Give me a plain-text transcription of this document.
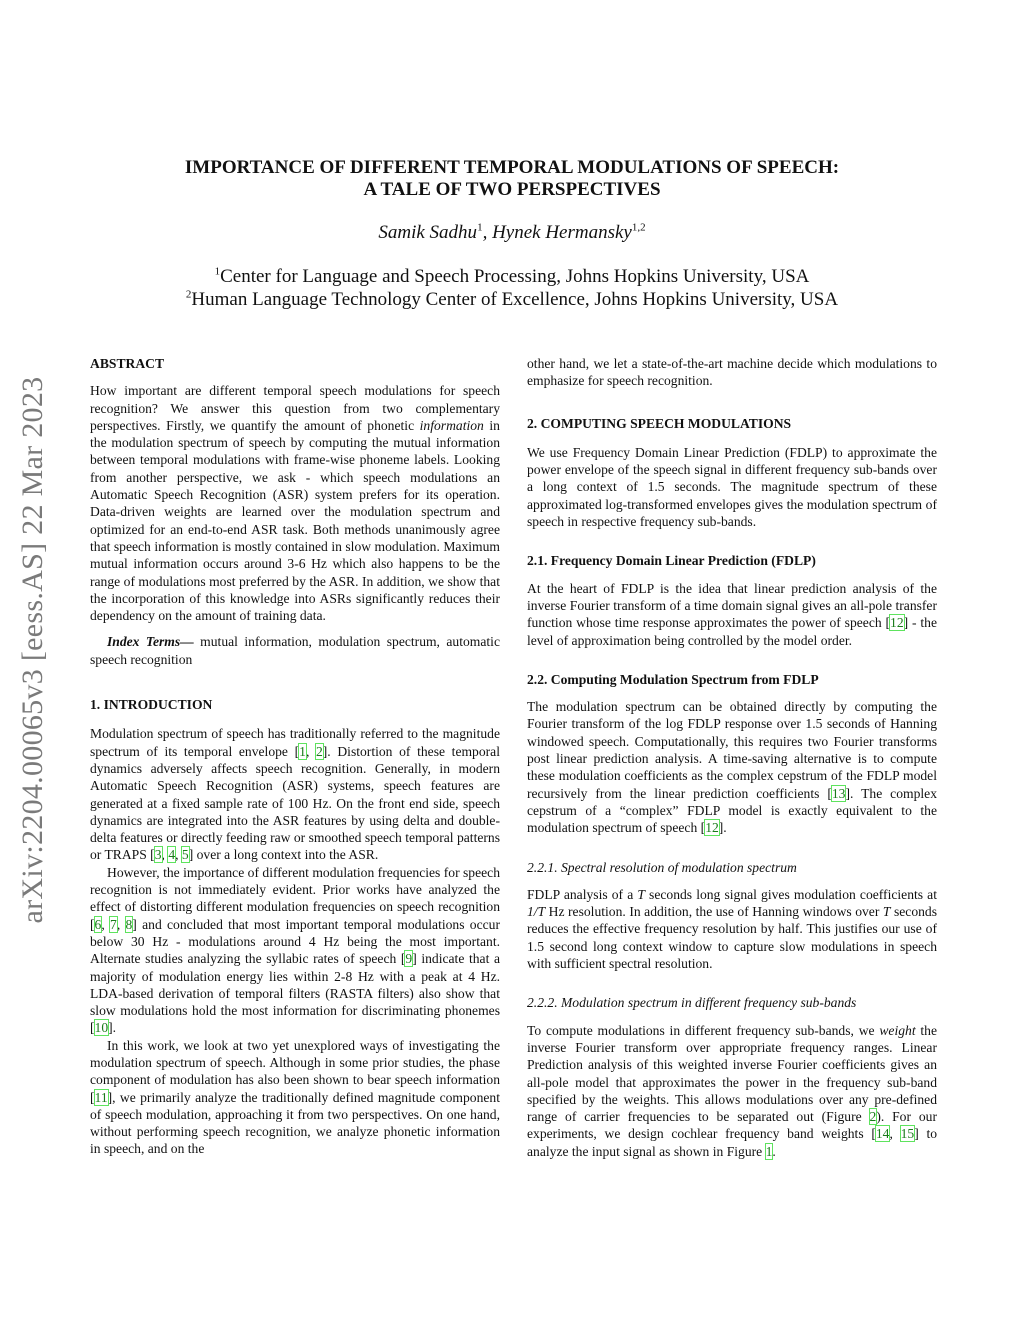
arXiv:2204.00065v3 [eess.AS] 22 Mar 2023
IMPORTANCE OF DIFFERENT TEMPORAL MODULATIONS OF SPEECH:
A TALE OF TWO PERSPECTIVES
Samik Sadhu$^1$, Hynek Hermansky$^{1,2}$
$^1$Center for Language and Speech Processing, Johns Hopkins University, USA
$^2$Human Language Technology Center of Excellence, Johns Hopkins University, USA

ABSTRACT

How important are different temporal speech modulations for speech recognition? We answer this question from two complementary perspectives. Firstly, we quantify the amount of phonetic information in the modulation spectrum of speech by computing the mutual information between temporal modulations with frame-wise phoneme labels. Looking from another perspective, we ask - which speech modulations an Automatic Speech Recognition (ASR) system prefers for its operation. Data-driven weights are learned over the modulation spectrum and optimized for an end-to-end ASR task. Both methods unanimously agree that speech information is mostly contained in slow modulation. Maximum mutual information occurs around 3-6 Hz which also happens to be the range of modulations most preferred by the ASR. In addition, we show that the incorporation of this knowledge into ASRs significantly reduces their dependency on the amount of training data.

Index Terms— mutual information, modulation spectrum, automatic speech recognition

1. INTRODUCTION

Modulation spectrum of speech has traditionally referred to the magnitude spectrum of its temporal envelope [1, 2]. Distortion of these temporal dynamics adversely affects speech recognition. Generally, in modern Automatic Speech Recognition (ASR) systems, speech features are generated at a fixed sample rate of 100 Hz. On the front end side, speech dynamics are integrated into the ASR features by using delta and double-delta features or directly feeding raw or smoothed speech temporal patterns or TRAPS [3, 4, 5] over a long context into the ASR.

However, the importance of different modulation frequencies for speech recognition is not immediately evident. Prior works have analyzed the effect of distorting different modulation frequencies on speech recognition [6, 7, 8] and concluded that most important temporal modulations occur below 30 Hz - modulations around 4 Hz being the most important. Alternate studies analyzing the syllabic rates of speech [9] indicate that a majority of modulation energy lies within 2-8 Hz with a peak at 4 Hz. LDA-based derivation of temporal filters (RASTA filters) also show that slow modulations hold the most information for discriminating phonemes [10].

In this work, we look at two yet unexplored ways of investigating the modulation spectrum of speech. Although in some prior studies, the phase component of modulation has also been shown to bear speech information [11], we primarily analyze the traditionally defined magnitude component of speech modulation, approaching it from two perspectives. On one hand, without performing speech recognition, we analyze phonetic information in speech, and on the

other hand, we let a state-of-the-art machine decide which modulations to emphasize for speech recognition.

2. COMPUTING SPEECH MODULATIONS

We use Frequency Domain Linear Prediction (FDLP) to approximate the power envelope of the speech signal in different frequency sub-bands over a long context of 1.5 seconds. The magnitude spectrum of these approximated log-transformed envelopes gives the modulation spectrum of speech in respective frequency sub-bands.

2.1. Frequency Domain Linear Prediction (FDLP)

At the heart of FDLP is the idea that linear prediction analysis of the inverse Fourier transform of a time domain signal gives an all-pole transfer function whose time response approximates the power of speech [12] - the level of approximation being controlled by the model order.

2.2. Computing Modulation Spectrum from FDLP

The modulation spectrum can be obtained directly by computing the Fourier transform of the log FDLP response over 1.5 seconds of Hanning windowed speech. Computationally, this requires two Fourier transforms post linear prediction analysis. A time-saving alternative is to compute these modulation coefficients as the complex cepstrum of the FDLP model recursively from the linear prediction coefficients [13]. The complex cepstrum of a “complex” FDLP model is exactly equivalent to the modulation spectrum of speech [12].

2.2.1. Spectral resolution of modulation spectrum

FDLP analysis of a T seconds long signal gives modulation coefficients at 1/T Hz resolution. In addition, the use of Hanning windows over T seconds reduces the effective frequency resolution by half. This justifies our use of 1.5 second long context window to capture slow modulations in speech with sufficient spectral resolution.

2.2.2. Modulation spectrum in different frequency sub-bands

To compute modulations in different frequency sub-bands, we weight the inverse Fourier transform over appropriate frequency ranges. Linear Prediction analysis of this weighted inverse Fourier coefficients gives an all-pole model that approximates the power in the frequency sub-band specified by the weights. This allows modulations over any pre-defined range of carrier frequencies to be separated out (Figure 2). For our experiments, we design cochlear frequency band weights [14, 15] to analyze the input signal as shown in Figure 1.
